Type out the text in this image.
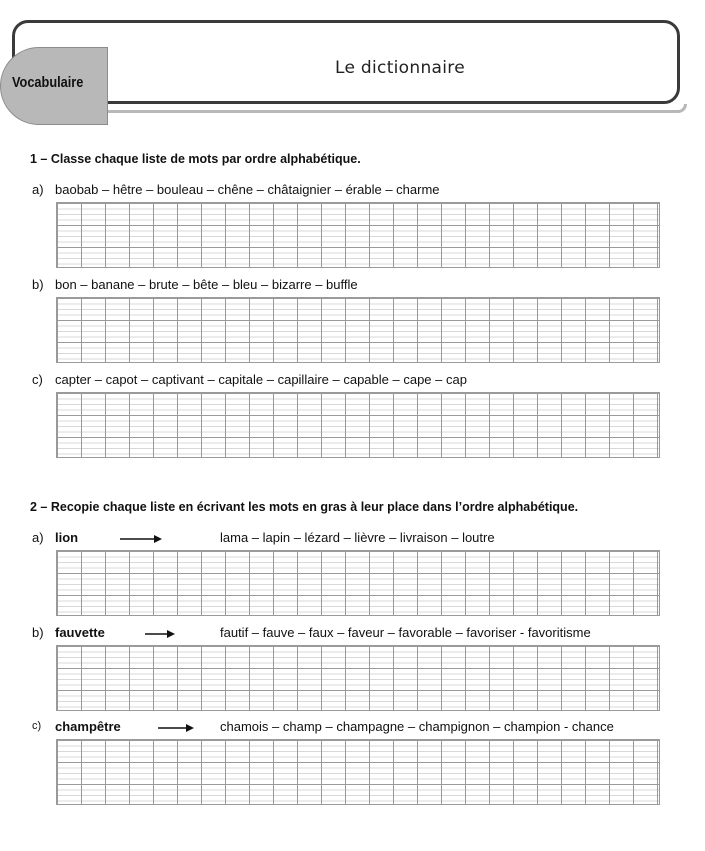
Le dictionnaire
Vocabulaire
1 – Classe chaque liste de mots par ordre alphabétique.
a) baobab – hêtre – bouleau – chêne – châtaignier – érable – charme
b) bon – banane – brute – bête – bleu – bizarre – buffle
c) capter – capot – captivant – capitale – capillaire – capable – cape – cap
2 – Recopie chaque liste en écrivant les mots en gras à leur place dans l’ordre alphabétique.
a) lion	lama – lapin – lézard – lièvre – livraison – loutre
b) fauvette	fautif – fauve – faux – faveur – favorable – favoriser - favoritisme
c) champêtre	chamois – champ – champagne – champignon – champion - chance
